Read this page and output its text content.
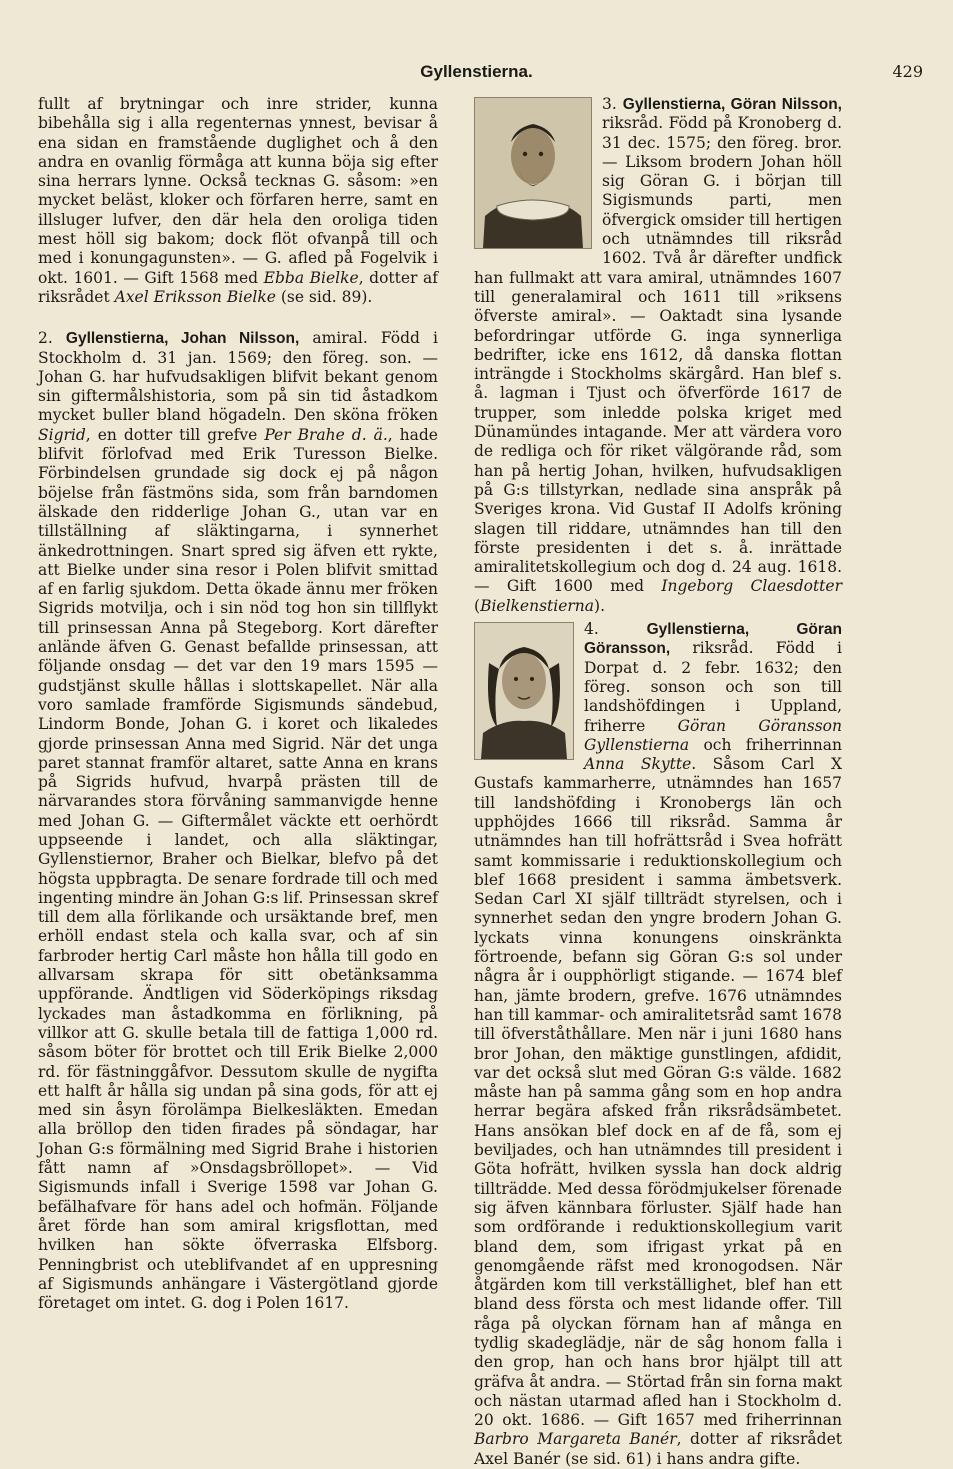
Gyllenstierna.	429

fullt af brytningar och inre strider, kunna bibehålla sig i alla regenternas ynnest, bevisar å ena sidan en framstående duglighet och å den andra en ovanlig förmåga att kunna böja sig efter sina herrars lynne. Också tecknas G. såsom: »en mycket beläst, kloker och förfaren herre, samt en illsluger lufver, den där hela den oroliga tiden mest höll sig bakom; dock flöt ofvanpå till och med i konungagunsten». — G. afled på Fogelvik i okt. 1601. — Gift 1568 med Ebba Bielke, dotter af riksrådet Axel Eriksson Bielke (se sid. 89).

2. Gyllenstierna, Johan Nilsson, amiral. Född i Stockholm d. 31 jan. 1569; den föreg. son. — Johan G. har hufvudsakligen blifvit bekant genom sin giftermålshistoria, som på sin tid åstadkom mycket buller bland högadeln. Den sköna fröken Sigrid, en dotter till grefve Per Brahe d. ä., hade blifvit förlofvad med Erik Turesson Bielke. Förbindelsen grundade sig dock ej på någon böjelse från fästmöns sida, som från barndomen älskade den ridderlige Johan G., utan var en tillställning af släktingarna, i synnerhet änkedrottningen. Snart spred sig äfven ett rykte, att Bielke under sina resor i Polen blifvit smittad af en farlig sjukdom. Detta ökade ännu mer fröken Sigrids motvilja, och i sin nöd tog hon sin tillflykt till prinsessan Anna på Stegeborg. Kort därefter anlände äfven G. Genast befallde prinsessan, att följande onsdag — det var den 19 mars 1595 — gudstjänst skulle hållas i slottskapellet. När alla voro samlade framförde Sigismunds sändebud, Lindorm Bonde, Johan G. i koret och likaledes gjorde prinsessan Anna med Sigrid. När det unga paret stannat framför altaret, satte Anna en krans på Sigrids hufvud, hvarpå prästen till de närvarandes stora förvåning sammanvigde henne med Johan G. — Giftermålet väckte ett oerhördt uppseende i landet, och alla släktingar, Gyllenstiernor, Braher och Bielkar, blefvo på det högsta uppbragta. De senare fordrade till och med ingenting mindre än Johan G:s lif. Prinsessan skref till dem alla förlikande och ursäktande bref, men erhöll endast stela och kalla svar, och af sin farbroder hertig Carl måste hon hålla till godo en allvarsam skrapa för sitt obetänksamma uppförande. Ändtligen vid Söderköpings riksdag lyckades man åstadkomma en förlikning, på villkor att G. skulle betala till de fattiga 1,000 rd. såsom böter för brottet och till Erik Bielke 2,000 rd. för fästninggåfvor. Dessutom skulle de nygifta ett halft år hålla sig undan på sina gods, för att ej med sin åsyn förolämpa Bielkesläkten. Emedan alla bröllop den tiden firades på söndagar, har Johan G:s förmälning med Sigrid Brahe i historien fått namn af »Onsdagsbröllopet». — Vid Sigismunds infall i Sverige 1598 var Johan G. befälhafvare för hans adel och hofmän. Följande året förde han som amiral krigsflottan, med hvilken han sökte öfverraska Elfsborg. Penningbrist och uteblifvandet af en uppresning af Sigismunds anhängare i Västergötland gjorde företaget om intet. G. dog i Polen 1617.

3. Gyllenstierna, Göran Nilsson, riksråd. Född på Kronoberg d. 31 dec. 1575; den föreg. bror. — Liksom brodern Johan höll sig Göran G. i början till Sigismunds parti, men öfvergick omsider till hertigen och utnämndes till riksråd 1602. Två år därefter undfick han fullmakt att vara amiral, utnämndes 1607 till generalamiral och 1611 till »riksens öfverste amiral». — Oaktadt sina lysande befordringar utförde G. inga synnerliga bedrifter, icke ens 1612, då danska flottan inträngde i Stockholms skärgård. Han blef s. å. lagman i Tjust och öfverförde 1617 de trupper, som inledde polska kriget med Dünamündes intagande. Mer att värdera voro de redliga och för riket välgörande råd, som han på hertig Johan, hvilken, hufvudsakligen på G:s tillstyrkan, nedlade sina anspråk på Sveriges krona. Vid Gustaf II Adolfs kröning slagen till riddare, utnämndes han till den förste presidenten i det s. å. inrättade amiralitetskollegium och dog d. 24 aug. 1618. — Gift 1600 med Ingeborg Claesdotter (Bielkenstierna).

4.	Gyllenstierna, Göran Göransson, riksråd. Född i Dorpat d. 2 febr. 1632; den föreg. sonson och son till landshöfdingen i Uppland, friherre Göran Göransson Gyllenstierna och friherrinnan Anna Skytte. Såsom Carl X Gustafs kammarherre, utnämndes han 1657 till landshöfding i Kronobergs län och upphöjdes 1666 till riksråd. Samma år utnämndes han till hofrättsråd i Svea hofrätt samt kommissarie i reduktionskollegium och blef 1668 president i samma ämbetsverk. Sedan Carl XI själf tillträdt styrelsen, och i synnerhet sedan den yngre brodern Johan G. lyckats vinna konungens oinskränkta förtroende, befann sig Göran G:s sol under några år i oupphörligt stigande. — 1674 blef han, jämte brodern, grefve. 1676 utnämndes han till kammar- och amiralitetsråd samt 1678 till öfverståthållare. Men när i juni 1680 hans bror Johan, den mäktige gunstlingen, afdidit, var det också slut med Göran G:s välde. 1682 måste han på samma gång som en hop andra herrar begära afsked från riksrådsämbetet. Hans ansökan blef dock en af de få, som ej beviljades, och han utnämndes till president i Göta hofrätt, hvilken syssla han dock aldrig tillträdde. Med dessa förödmjukelser förenade sig äfven kännbara förluster. Själf hade han som ordförande i reduktionskollegium varit bland dem, som ifrigast yrkat på en genomgående räfst med kronogodsen. När åtgärden kom till verkställighet, blef han ett bland dess första och mest lidande offer. Till råga på olyckan förnam han af många en tydlig skadeglädje, när de såg honom falla i den grop, han och hans bror hjälpt till att gräfva åt andra. — Störtad från sin forna makt och nästan utarmad afled han i Stockholm d. 20 okt. 1686. — Gift 1657 med friherrinnan Barbro Margareta Banér, dotter af riksrådet Axel Banér (se sid. 61) i hans andra gifte.
